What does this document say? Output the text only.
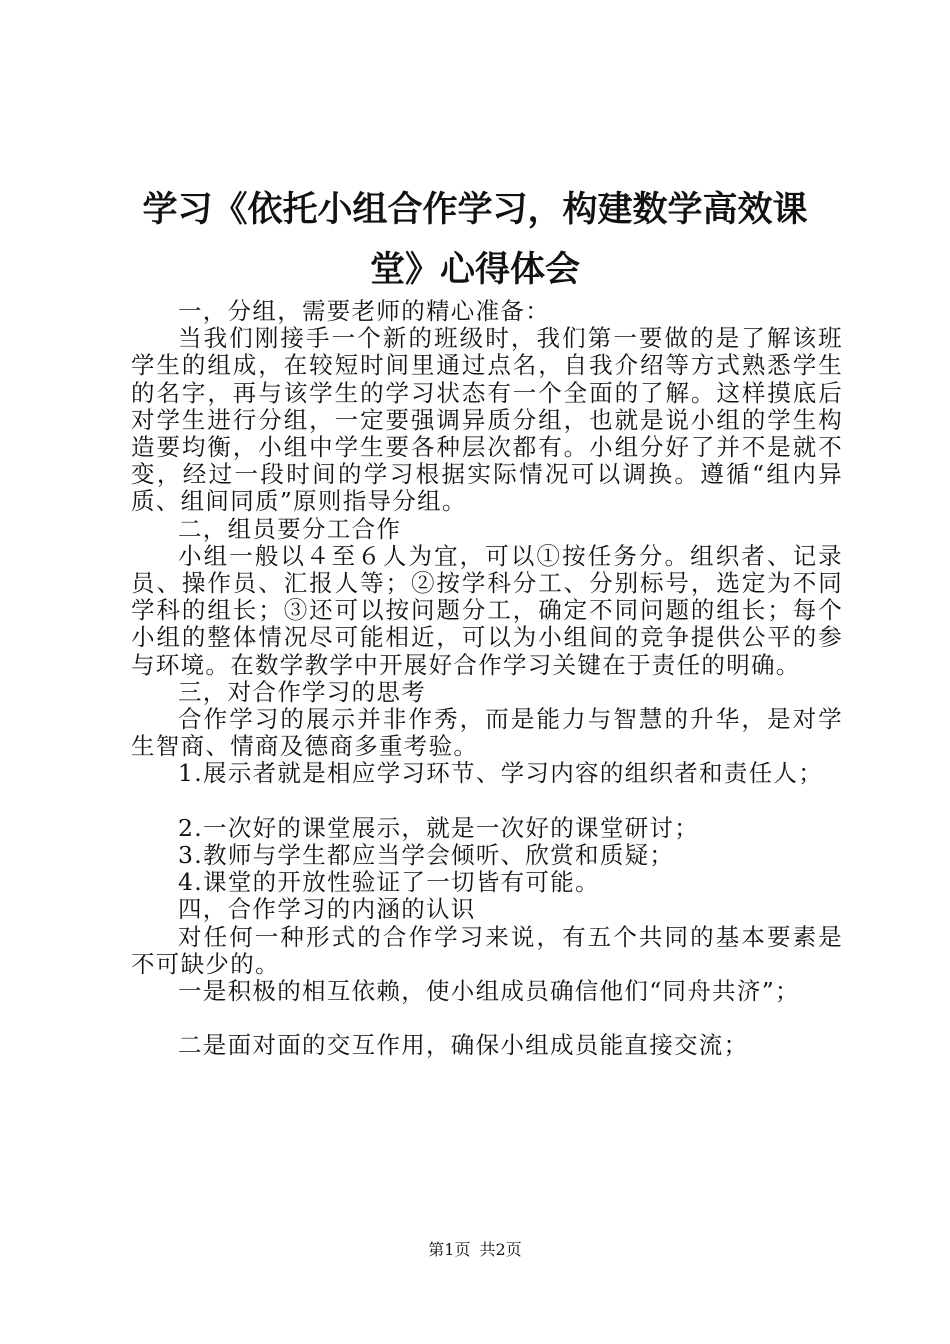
学习《依托小组合作学习，构建数学高效课
堂》心得体会

一，分组，需要老师的精心准备：

当我们刚接手一个新的班级时，我们第一要做的是了解该班学生的组成，在较短时间里通过点名，自我介绍等方式熟悉学生的名字，再与该学生的学习状态有一个全面的了解。这样摸底后对学生进行分组，一定要强调异质分组，也就是说小组的学生构造要均衡，小组中学生要各种层次都有。小组分好了并不是就不变，经过一段时间的学习根据实际情况可以调换。遵循“组内异质、组间同质”原则指导分组。

二，组员要分工合作

小组一般以４至６人为宜，可以①按任务分。组织者、记录员、操作员、汇报人等；②按学科分工、分别标号，选定为不同学科的组长；③还可以按问题分工，确定不同问题的组长；每个小组的整体情况尽可能相近，可以为小组间的竞争提供公平的参与环境。在数学教学中开展好合作学习关键在于责任的明确。

三，对合作学习的思考

合作学习的展示并非作秀，而是能力与智慧的升华，是对学生智商、情商及德商多重考验。

1.展示者就是相应学习环节、学习内容的组织者和责任人；

2.一次好的课堂展示，就是一次好的课堂研讨；

3.教师与学生都应当学会倾听、欣赏和质疑；

4.课堂的开放性验证了一切皆有可能。

四，合作学习的内涵的认识

对任何一种形式的合作学习来说，有五个共同的基本要素是不可缺少的。

一是积极的相互依赖，使小组成员确信他们“同舟共济”；

二是面对面的交互作用，确保小组成员能直接交流；

第1页 共2页
